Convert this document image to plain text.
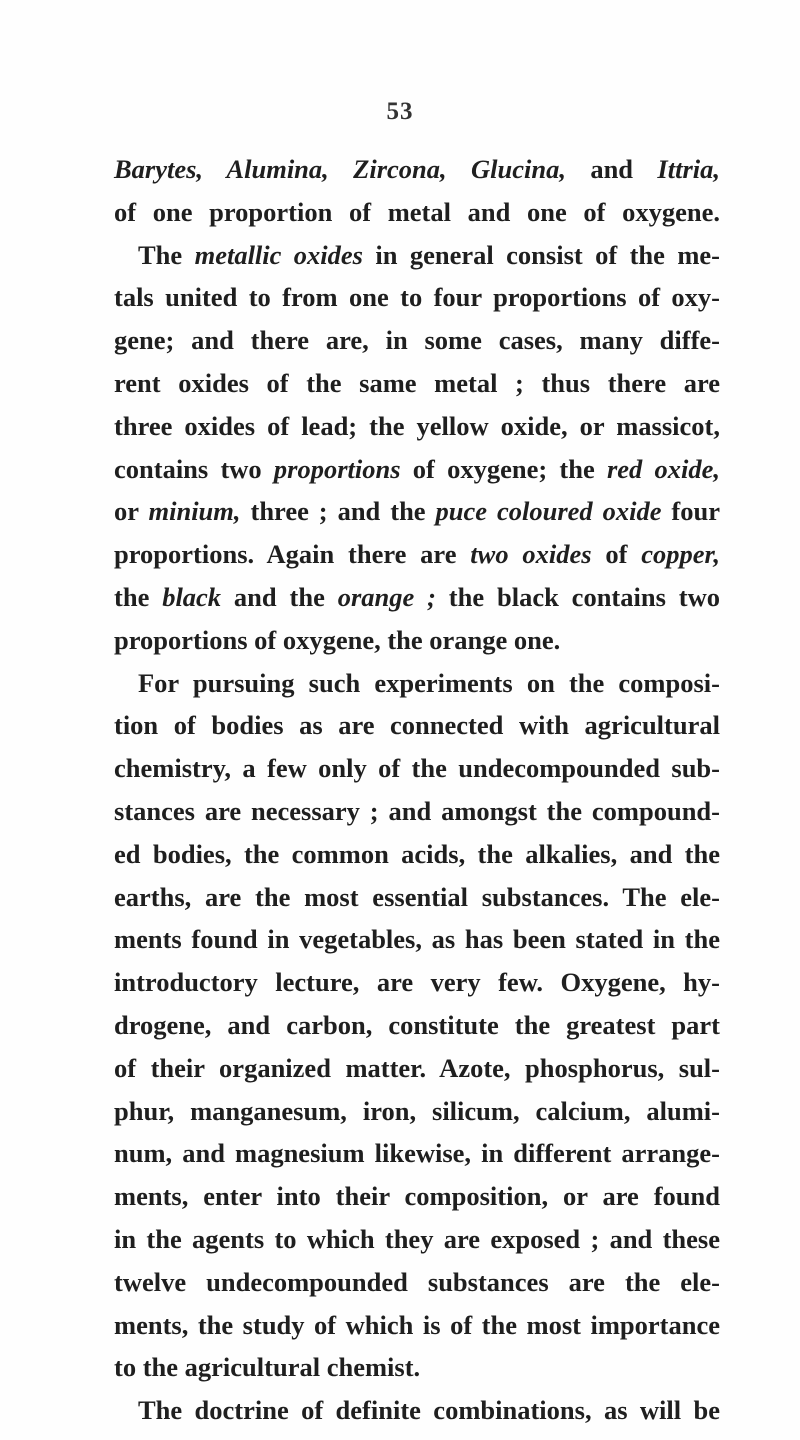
53
Barytes, Alumina, Zircona, Glucina, and Ittria,
of one proportion of metal and one of oxygene.
The metallic oxides in general consist of the me-
tals united to from one to four proportions of oxy-
gene; and there are, in some cases, many diffe-
rent oxides of the same metal ; thus there are
three oxides of lead; the yellow oxide, or massicot,
contains two proportions of oxygene; the red oxide,
or minium, three ; and the puce coloured oxide four
proportions. Again there are two oxides of copper,
the black and the orange ; the black contains two
proportions of oxygene, the orange one.
For pursuing such experiments on the composi-
tion of bodies as are connected with agricultural
chemistry, a few only of the undecompounded sub-
stances are necessary ; and amongst the compound-
ed bodies, the common acids, the alkalies, and the
earths, are the most essential substances. The ele-
ments found in vegetables, as has been stated in the
introductory lecture, are very few. Oxygene, hy-
drogene, and carbon, constitute the greatest part
of their organized matter. Azote, phosphorus, sul-
phur, manganesum, iron, silicum, calcium, alumi-
num, and magnesium likewise, in different arrange-
ments, enter into their composition, or are found
in the agents to which they are exposed ; and these
twelve undecompounded substances are the ele-
ments, the study of which is of the most importance
to the agricultural chemist.
The doctrine of definite combinations, as will be
